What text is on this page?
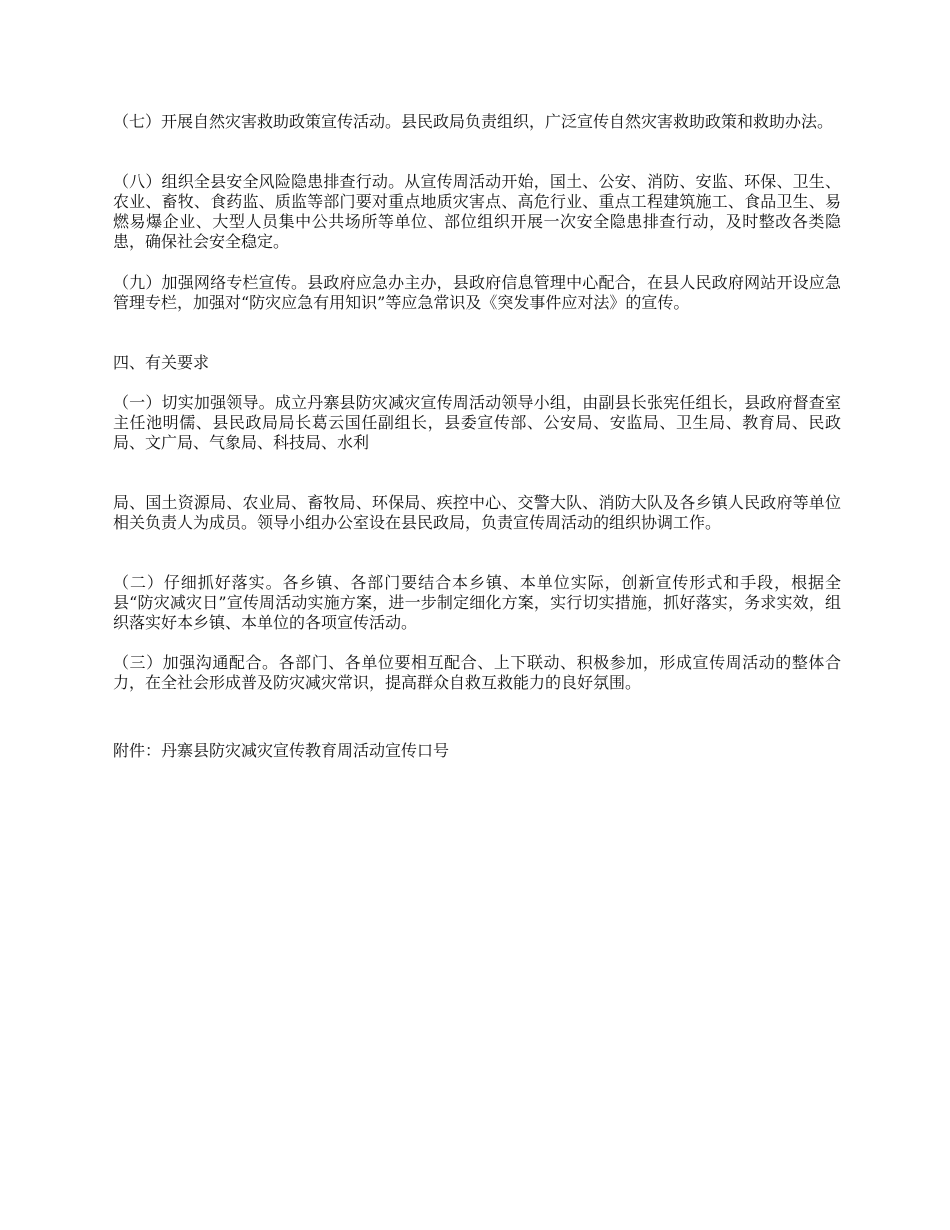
（七）开展自然灾害救助政策宣传活动。县民政局负责组织，广泛宣传自然灾害救助政策和救助办法。

（八）组织全县安全风险隐患排查行动。从宣传周活动开始，国土、公安、消防、安监、环保、卫生、农业、畜牧、食药监、质监等部门要对重点地质灾害点、高危行业、重点工程建筑施工、食品卫生、易燃易爆企业、大型人员集中公共场所等单位、部位组织开展一次安全隐患排查行动，及时整改各类隐患，确保社会安全稳定。

（九）加强网络专栏宣传。县政府应急办主办，县政府信息管理中心配合，在县人民政府网站开设应急管理专栏，加强对“防灾应急有用知识”等应急常识及《突发事件应对法》的宣传。

四、有关要求

（一）切实加强领导。成立丹寨县防灾减灾宣传周活动领导小组，由副县长张宪任组长，县政府督查室主任池明儒、县民政局局长葛云国任副组长，县委宣传部、公安局、安监局、卫生局、教育局、民政局、文广局、气象局、科技局、水利

局、国土资源局、农业局、畜牧局、环保局、疾控中心、交警大队、消防大队及各乡镇人民政府等单位相关负责人为成员。领导小组办公室设在县民政局，负责宣传周活动的组织协调工作。

（二）仔细抓好落实。各乡镇、各部门要结合本乡镇、本单位实际，创新宣传形式和手段，根据全县“防灾减灾日”宣传周活动实施方案，进一步制定细化方案，实行切实措施，抓好落实，务求实效，组织落实好本乡镇、本单位的各项宣传活动。

（三）加强沟通配合。各部门、各单位要相互配合、上下联动、积极参加，形成宣传周活动的整体合力，在全社会形成普及防灾减灾常识，提高群众自救互救能力的良好氛围。

附件：丹寨县防灾减灾宣传教育周活动宣传口号
